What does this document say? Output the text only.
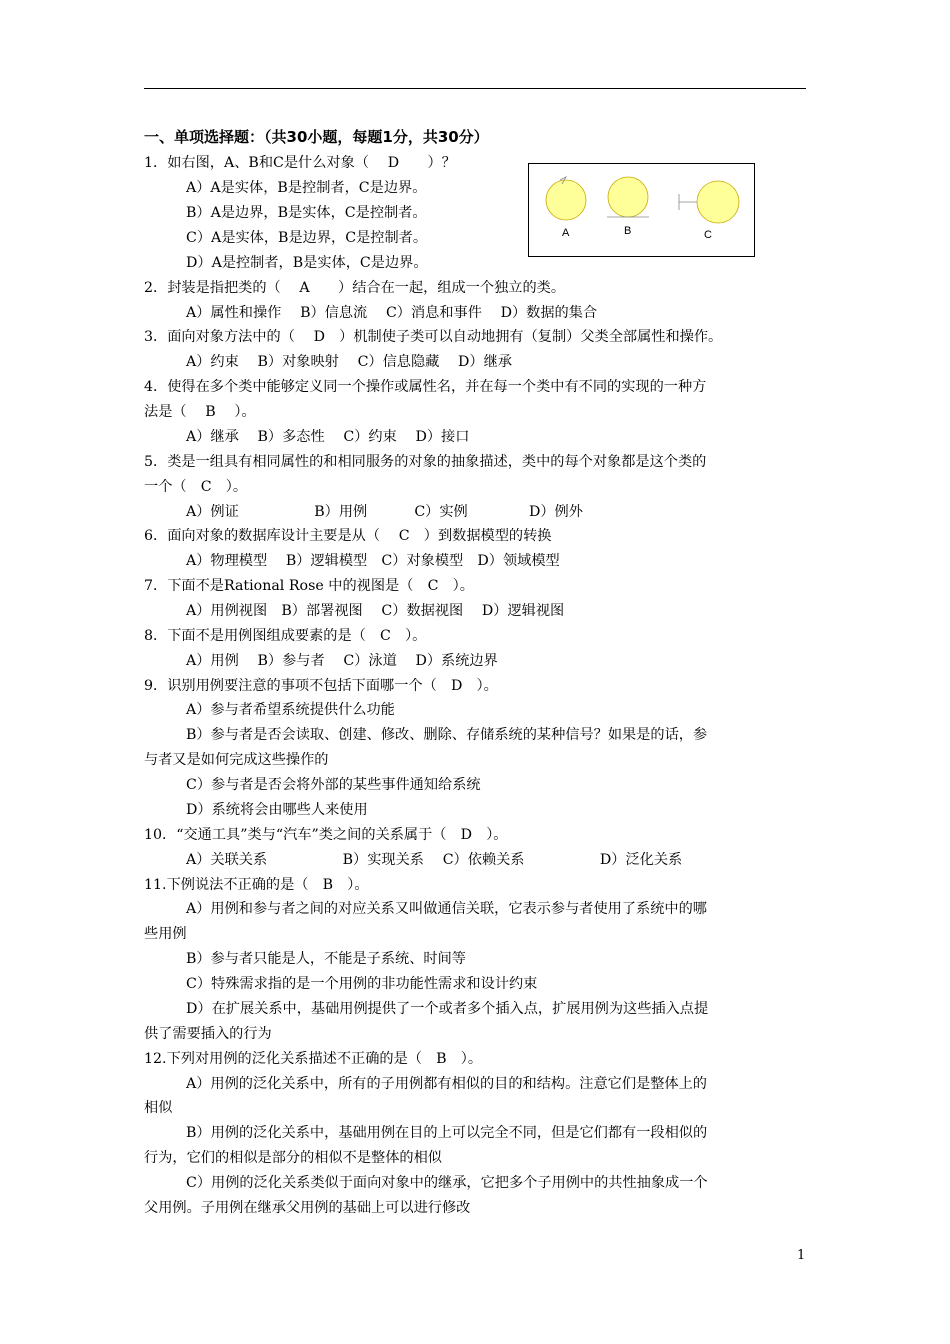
一、单项选择题：（共30小题，每题1分，共30分）
1．如右图，A、B和C是什么对象（　 D　　）？
A）A是实体，B是控制者，C是边界。
B）A是边界，B是实体，C是控制者。
C）A是实体，B是边界，C是控制者。
D）A是控制者，B是实体，C是边界。
2．封装是指把类的（　 A　　）结合在一起，组成一个独立的类。
A）属性和操作　 B）信息流　 C）消息和事件　 D）数据的集合
3．面向对象方法中的（　 D　）机制使子类可以自动地拥有（复制）父类全部属性和操作。
A）约束　 B）对象映射　 C）信息隐藏　 D）继承
4．使得在多个类中能够定义同一个操作或属性名，并在每一个类中有不同的实现的一种方
法是（　 B　 ）。
A）继承　 B）多态性　 C）约束　 D）接口
5．类是一组具有相同属性的和相同服务的对象的抽象描述，类中的每个对象都是这个类的
一个（　C　）。
A）例证　　　　　 B）用例　　　 C）实例　　　　 D）例外
6．面向对象的数据库设计主要是从（　 C　）到数据模型的转换
A）物理模型　 B）逻辑模型　C）对象模型　D）领域模型
7．下面不是Rational Rose 中的视图是（　C　）。
A）用例视图　B）部署视图　 C）数据视图　 D）逻辑视图
8．下面不是用例图组成要素的是（　C　）。
A）用例　 B）参与者　 C）泳道　 D）系统边界
9．识别用例要注意的事项不包括下面哪一个（　D　）。
A）参与者希望系统提供什么功能
B）参与者是否会读取、创建、修改、删除、存储系统的某种信号？如果是的话，参
与者又是如何完成这些操作的
C）参与者是否会将外部的某些事件通知给系统
D）系统将会由哪些人来使用
10．“交通工具”类与“汽车”类之间的关系属于（　D　）。
A）关联关系　　　　　 B）实现关系　 C）依赖关系　　　　　 D）泛化关系
11.下例说法不正确的是（　B　）。
A）用例和参与者之间的对应关系又叫做通信关联，它表示参与者使用了系统中的哪
些用例
B）参与者只能是人，不能是子系统、时间等
C）特殊需求指的是一个用例的非功能性需求和设计约束
D）在扩展关系中，基础用例提供了一个或者多个插入点，扩展用例为这些插入点提
供了需要插入的行为
12.下列对用例的泛化关系描述不正确的是（　B　）。
A）用例的泛化关系中，所有的子用例都有相似的目的和结构。注意它们是整体上的
相似
B）用例的泛化关系中，基础用例在目的上可以完全不同，但是它们都有一段相似的
行为，它们的相似是部分的相似不是整体的相似
C）用例的泛化关系类似于面向对象中的继承，它把多个子用例中的共性抽象成一个
父用例。子用例在继承父用例的基础上可以进行修改
A	B	C
1
